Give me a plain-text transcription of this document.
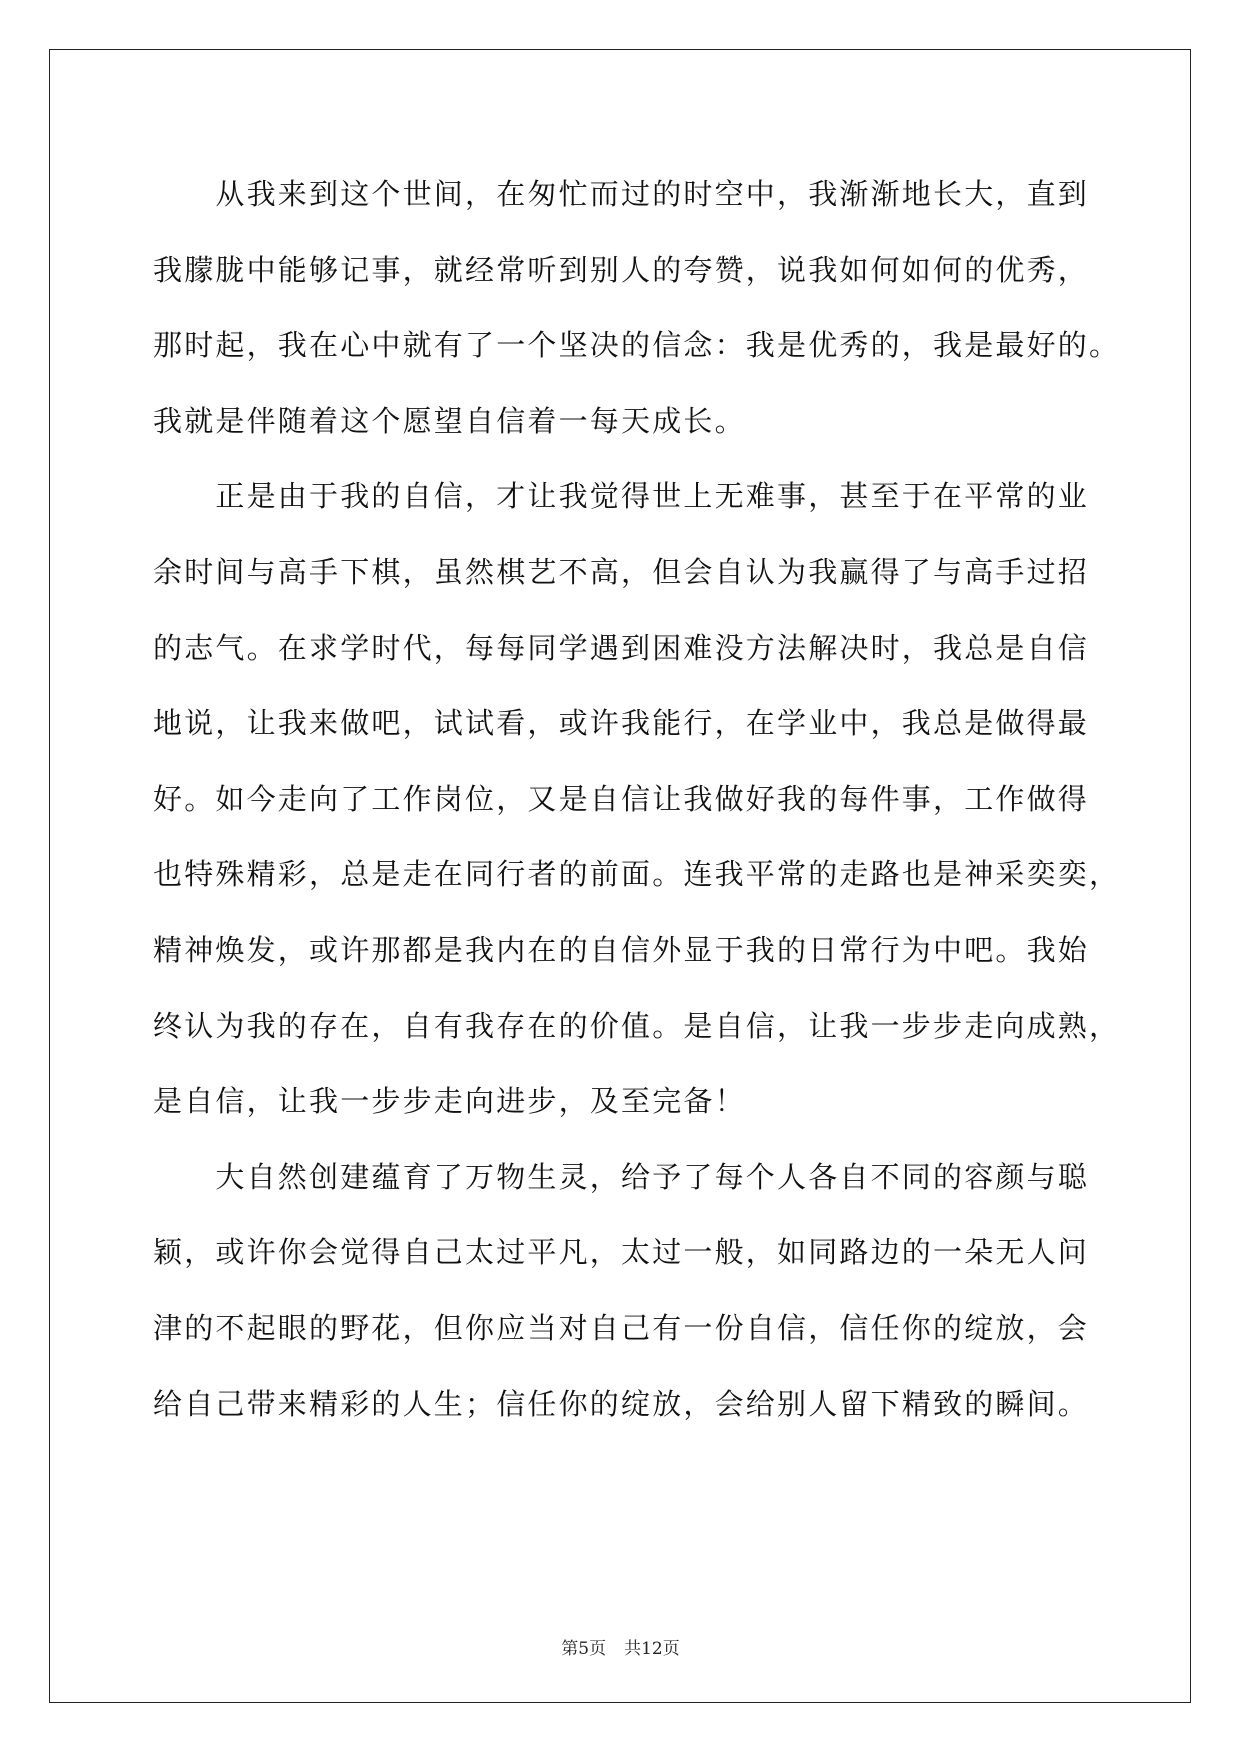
　　从我来到这个世间，在匆忙而过的时空中，我渐渐地长大，直到
我朦胧中能够记事，就经常听到别人的夸赞，说我如何如何的优秀，
那时起，我在心中就有了一个坚决的信念：我是优秀的，我是最好的。
我就是伴随着这个愿望自信着一每天成长。
　　正是由于我的自信，才让我觉得世上无难事，甚至于在平常的业
余时间与高手下棋，虽然棋艺不高，但会自认为我赢得了与高手过招
的志气。在求学时代，每每同学遇到困难没方法解决时，我总是自信
地说，让我来做吧，试试看，或许我能行，在学业中，我总是做得最
好。如今走向了工作岗位，又是自信让我做好我的每件事，工作做得
也特殊精彩，总是走在同行者的前面。连我平常的走路也是神采奕奕，
精神焕发，或许那都是我内在的自信外显于我的日常行为中吧。我始
终认为我的存在，自有我存在的价值。是自信，让我一步步走向成熟，
是自信，让我一步步走向进步，及至完备！
　　大自然创建蕴育了万物生灵，给予了每个人各自不同的容颜与聪
颖，或许你会觉得自己太过平凡，太过一般，如同路边的一朵无人问
津的不起眼的野花，但你应当对自己有一份自信，信任你的绽放，会
给自己带来精彩的人生；信任你的绽放，会给别人留下精致的瞬间。
第5页 共12页
